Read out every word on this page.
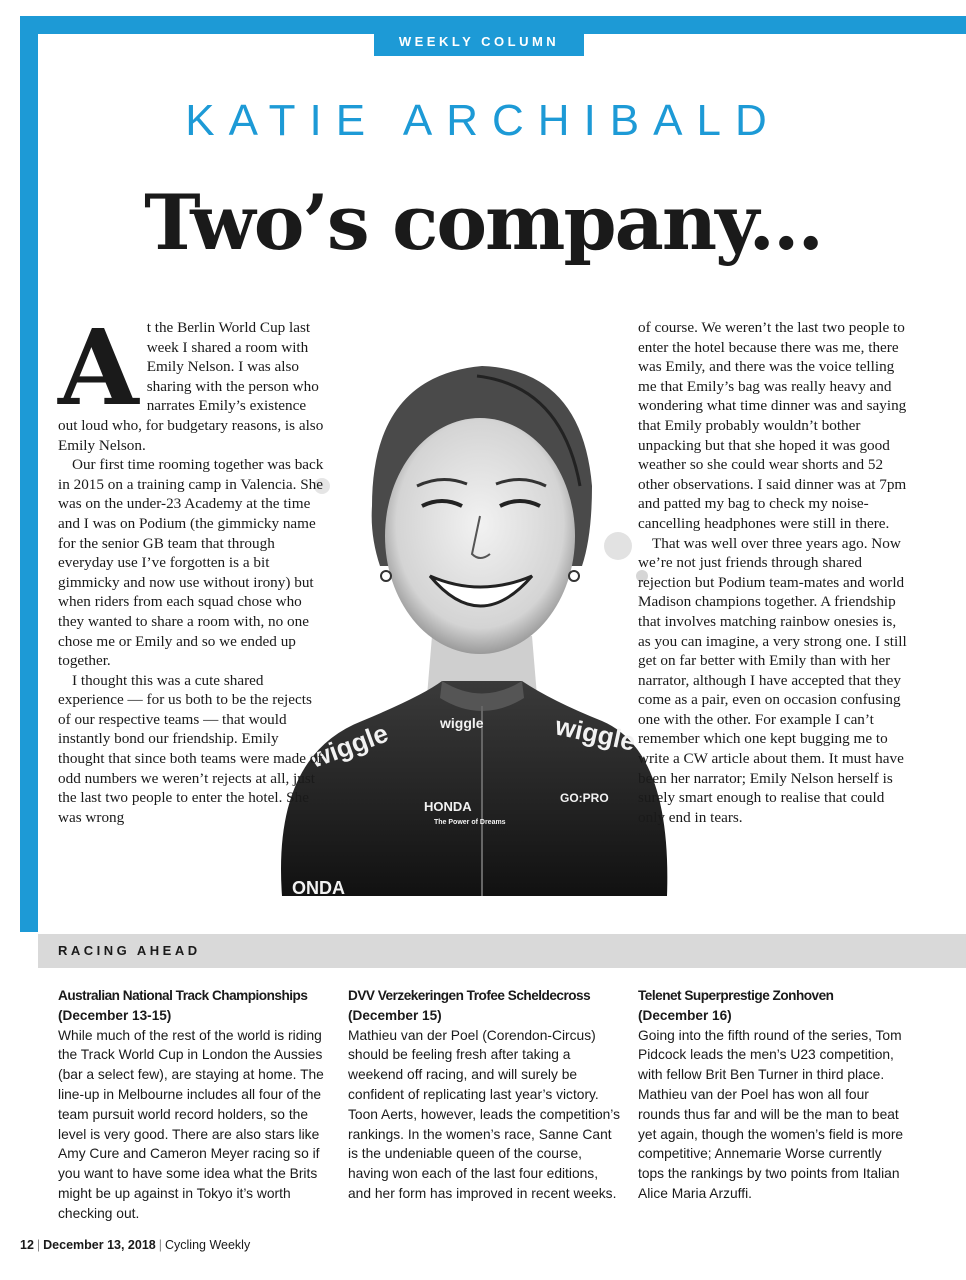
WEEKLY COLUMN
KATIE ARCHIBALD
Two’s company...
wiggle	wiggle	wiggle
HONDA
The Power of Dreams
GO:PRO
ONDA

At the Berlin World Cup last week I shared a room with Emily Nelson. I was also sharing with the person who narrates Emily’s existence out loud who, for budgetary reasons, is also Emily Nelson.

Our first time rooming together was back in 2015 on a training camp in Valencia. She was on the under-23 Academy at the time and I was on Podium (the gimmicky name for the senior GB team that through everyday use I’ve forgotten is a bit gimmicky and now use without irony) but when riders from each squad chose who they wanted to share a room with, no one chose me or Emily and so we ended up together.

I thought this was a cute shared experience — for us both to be the rejects of our respective teams — that would instantly bond our friendship. Emily thought that since both teams were made of odd numbers we weren’t rejects at all, just the last two people to enter the hotel. She was wrong

of course. We weren’t the last two people to enter the hotel because there was me, there was Emily, and there was the voice telling me that Emily’s bag was really heavy and wondering what time dinner was and saying that Emily probably wouldn’t bother unpacking but that she hoped it was good weather so she could wear shorts and 52 other observations. I said dinner was at 7pm and patted my bag to check my noise-cancelling headphones were still in there.

That was well over three years ago. Now we’re not just friends through shared rejection but Podium team-mates and world Madison champions together. A friendship that involves matching rainbow onesies is, as you can imagine, a very strong one. I still get on far better with Emily than with her narrator, although I have accepted that they come as a pair, even on occasion confusing one with the other. For example I can’t remember which one kept bugging me to write a CW article about them. It must have been her narrator; Emily Nelson herself is surely smart enough to realise that could only end in tears.

RACING AHEAD
Australian National Track Championships
(December 13-15)
While much of the rest of the world is riding the Track World Cup in London the Aussies (bar a select few), are staying at home. The line-up in Melbourne includes all four of the team pursuit world record holders, so the level is very good. There are also stars like Amy Cure and Cameron Meyer racing so if you want to have some idea what the Brits might be up against in Tokyo it’s worth checking out.
DVV Verzekeringen Trofee Scheldecross
(December 15)
Mathieu van der Poel (Corendon-Circus) should be feeling fresh after taking a weekend off racing, and will surely be confident of replicating last year’s victory. Toon Aerts, however, leads the competition’s rankings. In the women’s race, Sanne Cant is the undeniable queen of the course, having won each of the last four editions, and her form has improved in recent weeks.
Telenet Superprestige Zonhoven
(December 16)
Going into the fifth round of the series, Tom Pidcock leads the men’s U23 competition, with fellow Brit Ben Turner in third place. Mathieu van der Poel has won all four rounds thus far and will be the man to beat yet again, though the women’s field is more competitive; Annemarie Worse currently tops the rankings by two points from Italian Alice Maria Arzuffi.
12 | December 13, 2018 | Cycling Weekly
